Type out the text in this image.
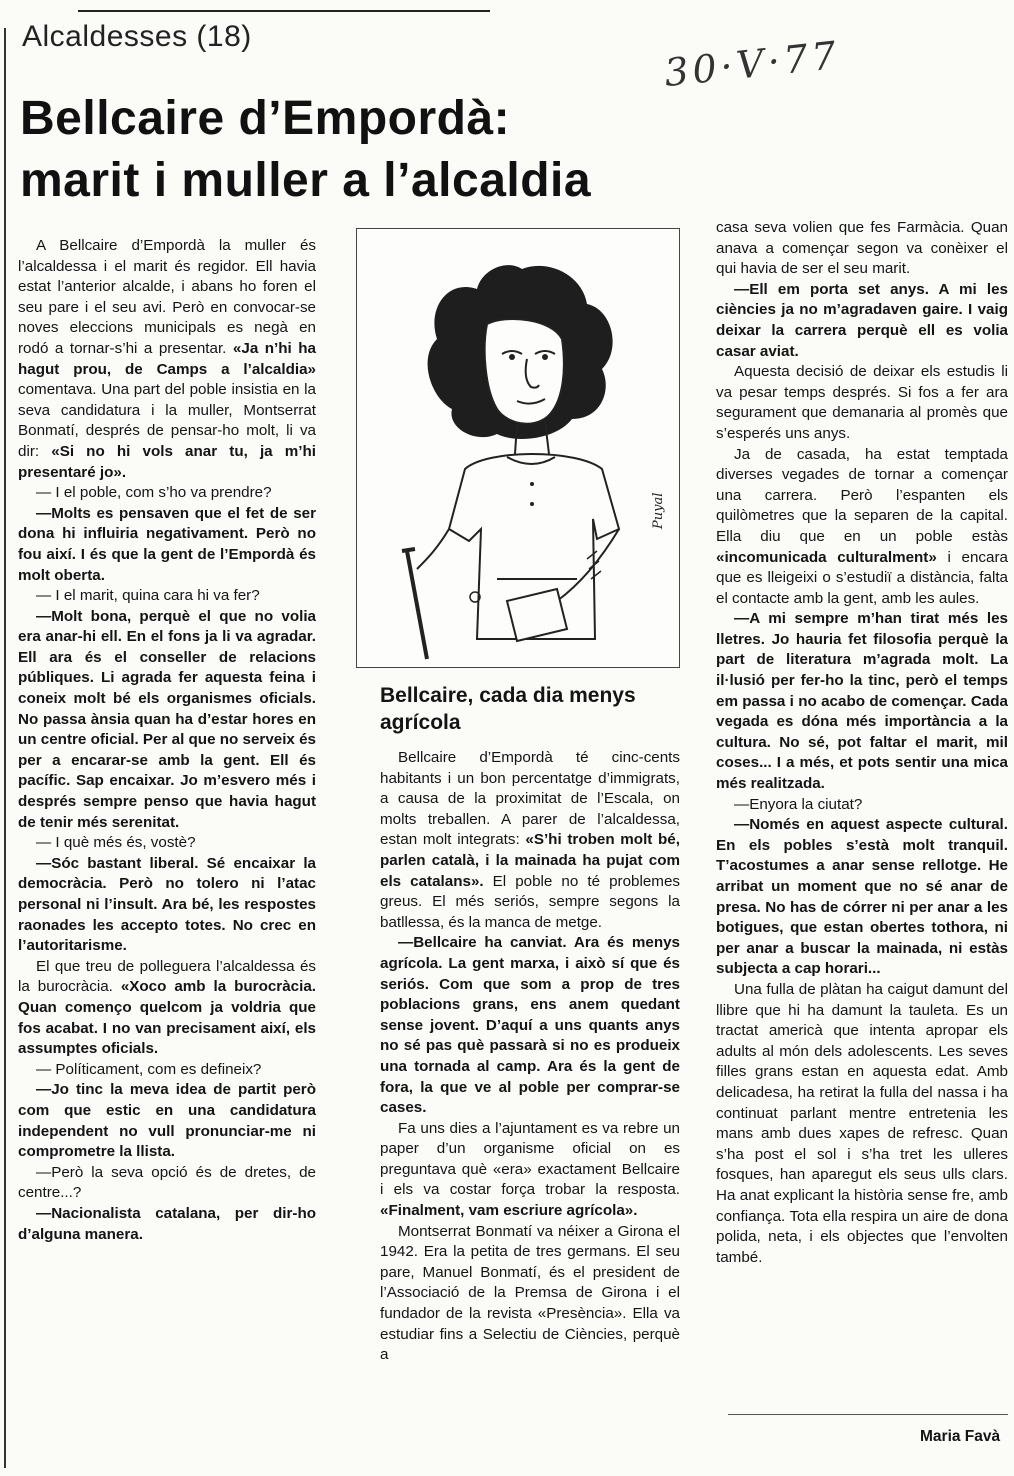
Alcaldesses (18)	30·V·77
Bellcaire d’Empordà:
marit i muller a l’alcaldia

A Bellcaire d’Empordà la muller és l’alcaldessa i el marit és regidor. Ell havia estat l’anterior alcalde, i abans ho foren el seu pare i el seu avi. Però en convocar-se noves eleccions municipals es negà en rodó a tornar-s’hi a presentar. «Ja n’hi ha hagut prou, de Camps a l’alcaldia» comentava. Una part del poble insistia en la seva candidatura i la muller, Montserrat Bonmatí, després de pensar-ho molt, li va dir: «Si no hi vols anar tu, ja m’hi presentaré jo».

— I el poble, com s’ho va prendre?

—Molts es pensaven que el fet de ser dona hi influiria negativament. Però no fou així. I és que la gent de l’Empordà és molt oberta.

— I el marit, quina cara hi va fer?

—Molt bona, perquè el que no volia era anar-hi ell. En el fons ja li va agradar. Ell ara és el conseller de relacions públiques. Li agrada fer aquesta feina i coneix molt bé els organismes oficials. No passa ànsia quan ha d’estar hores en un centre oficial. Per al que no serveix és per a encarar-se amb la gent. Ell és pacífic. Sap encaixar. Jo m’esvero més i després sempre penso que havia hagut de tenir més serenitat.

— I què més és, vostè?

—Sóc bastant liberal. Sé encaixar la democràcia. Però no tolero ni l’atac personal ni l’insult. Ara bé, les respostes raonades les accepto totes. No crec en l’autoritarisme.

El que treu de polleguera l’alcaldessa és la burocràcia. «Xoco amb la burocràcia. Quan començo quelcom ja voldria que fos acabat. I no van precisament així, els assumptes oficials.

— Políticament, com es defineix?

—Jo tinc la meva idea de partit però com que estic en una candidatura independent no vull pronunciar-me ni comprometre la llista.

—Però la seva opció és de dretes, de centre...?

—Nacionalista catalana, per dir-ho d’alguna manera.

Puyal
Bellcaire, cada dia menys agrícola

Bellcaire d’Empordà té cinc-cents habitants i un bon percentatge d’immigrats, a causa de la proximitat de l’Escala, on molts treballen. A parer de l’alcaldessa, estan molt integrats: «S’hi troben molt bé, parlen català, i la mainada ha pujat com els catalans». El poble no té problemes greus. El més seriós, sempre segons la batllessa, és la manca de metge.

—Bellcaire ha canviat. Ara és menys agrícola. La gent marxa, i això sí que és seriós. Com que som a prop de tres poblacions grans, ens anem quedant sense jovent. D’aquí a uns quants anys no sé pas què passarà si no es produeix una tornada al camp. Ara és la gent de fora, la que ve al poble per comprar-se cases.

Fa uns dies a l’ajuntament es va rebre un paper d’un organisme oficial on es preguntava què «era» exactament Bellcaire i els va costar força trobar la resposta. «Finalment, vam escriure agrícola».

Montserrat Bonmatí va néixer a Girona el 1942. Era la petita de tres germans. El seu pare, Manuel Bonmatí, és el president de l’Associació de la Premsa de Girona i el fundador de la revista «Presència». Ella va estudiar fins a Selectiu de Ciències, perquè a

casa seva volien que fes Farmàcia. Quan anava a començar segon va conèixer el qui havia de ser el seu marit.

—Ell em porta set anys. A mi les ciències ja no m’agradaven gaire. I vaig deixar la carrera perquè ell es volia casar aviat.

Aquesta decisió de deixar els estudis li va pesar temps després. Si fos a fer ara segurament que demanaria al promès que s’esperés uns anys.

Ja de casada, ha estat temptada diverses vegades de tornar a començar una carrera. Però l’espanten els quilòmetres que la separen de la capital. Ella diu que en un poble estàs «incomunicada culturalment» i encara que es lleigeixi o s’estudiï a distància, falta el contacte amb la gent, amb les aules.

—A mi sempre m’han tirat més les lletres. Jo hauria fet filosofia perquè la part de literatura m’agrada molt. La il·lusió per fer-ho la tinc, però el temps em passa i no acabo de començar. Cada vegada es dóna més importància a la cultura. No sé, pot faltar el marit, mil coses... I a més, et pots sentir una mica més realitzada.

—Enyora la ciutat?

—Només en aquest aspecte cultural. En els pobles s’està molt tranquil. T’acostumes a anar sense rellotge. He arribat un moment que no sé anar de presa. No has de córrer ni per anar a les botigues, que estan obertes tothora, ni per anar a buscar la mainada, ni estàs subjecta a cap horari...

Una fulla de plàtan ha caigut damunt del llibre que hi ha damunt la tauleta. Es un tractat americà que intenta apropar els adults al món dels adolescents. Les seves filles grans estan en aquesta edat. Amb delicadesa, ha retirat la fulla del nassa i ha continuat parlant mentre entretenia les mans amb dues xapes de refresc. Quan s’ha post el sol i s’ha tret les ulleres fosques, han aparegut els seus ulls clars. Ha anat explicant la història sense fre, amb confiança. Tota ella respira un aire de dona polida, neta, i els objectes que l’envolten també.

Maria Favà
